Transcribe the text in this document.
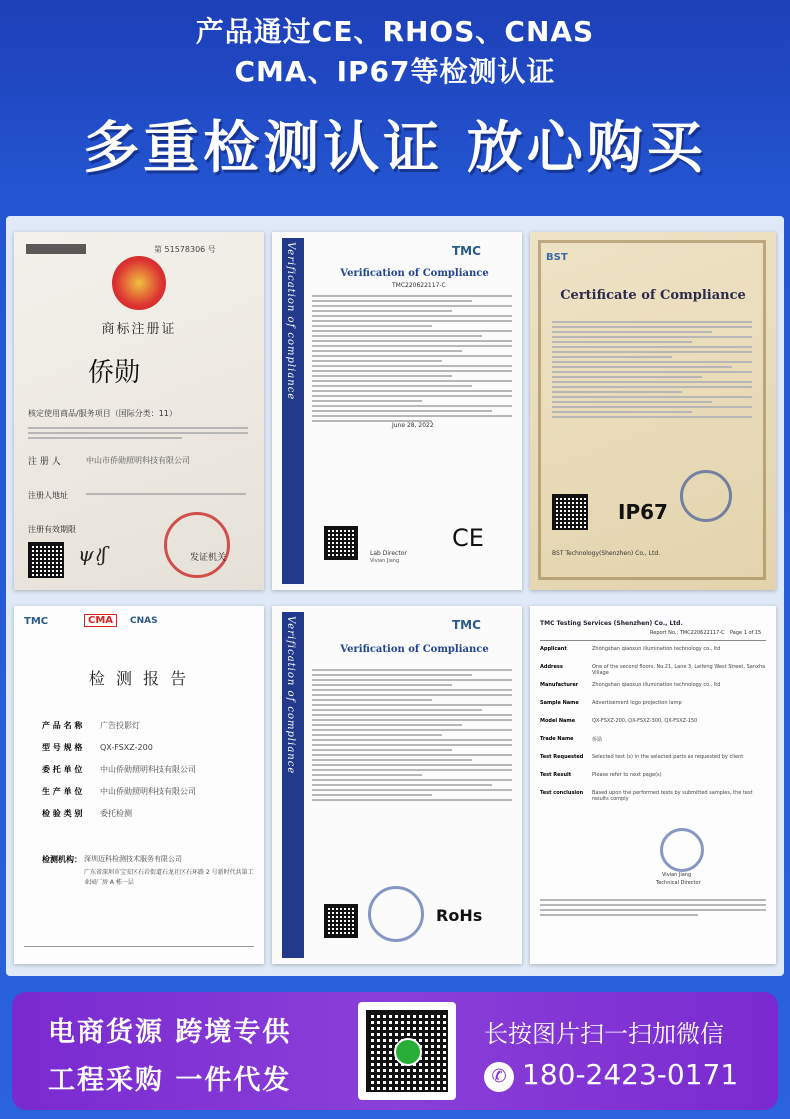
产品通过CE、RHOS、CNAS
CMA、IP67等检测认证
多重检测认证 放心购买
第 51578306 号
商标注册证
侨勋
核定使用商品/服务项目（国际分类：11）
注 册 人	中山市侨勋照明科技有限公司
注册人地址
注册有效期限
ψ≀ʃ	发证机关
Verification of compliance	TMC
Verification of Compliance
TMC220622117-C
June 28, 2022
Lab Director
Vivian Jiang
CE
BST
Certificate of Compliance
IP67
BST Technology(Shenzhen) Co., Ltd.
TMC	CMA	CNAS
检 测 报 告
产 品 名 称	广告投影灯
型 号 规 格	QX-FSXZ-200
委 托 单 位	中山侨勋照明科技有限公司
生 产 单 位	中山侨勋照明科技有限公司
检 验 类 别	委托检测
检测机构： 深圳迈科检测技术服务有限公司
广东省深圳市宝安区石岩街道石龙社区石环路 2 号新时代共第工业园厂房 A 栋一层
Verification of compliance	TMC
Verification of Compliance
RoHs
TMC Testing Services (Shenzhen) Co., Ltd.
Report No.: TMC220622117-C Page 1 of 15
Applicant	Zhongshan qiaoxun illumination technology co., ltd
Address	One of the second floors, No.21, Lane 3, Leifeng West Street, Sanxha Village
Manufacturer	Zhongshan qiaoxun illumination technology co., ltd
Sample Name	Advertisement logo projection lamp
Model Name	QX-FSXZ-200, QX-FSXZ-300, QX-FSXZ-150
Trade Name	侨勋
Test Requested	Selected test (s) in the selected parts as requested by client
Test Result	Please refer to next page(s)
Test conclusion	Based upon the performed tests by submitted samples, the test results comply
Vivian Jiang
Technical Director
电商货源 跨境专供
工程采购 一件代发
长按图片扫一扫加微信
✆ 180-2423-0171
